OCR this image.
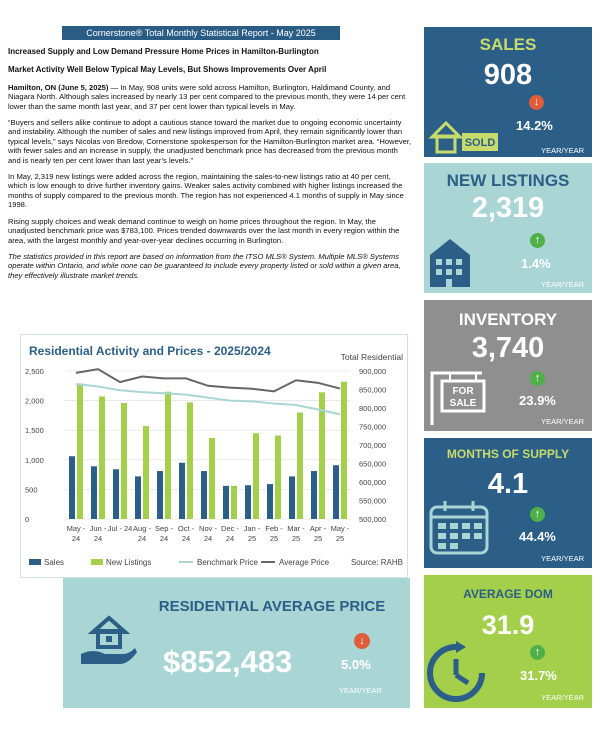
Cornerstone® Total Monthly Statistical Report - May 2025
Increased Supply and Low Demand Pressure Home Prices in Hamilton-Burlington
Market Activity Well Below Typical May Levels, But Shows Improvements Over April

Hamilton, ON (June 5, 2025) — In May, 908 units were sold across Hamilton, Burlington, Haldimand County, and Niagara North. Although sales increased by nearly 13 per cent compared to the previous month, they were 14 per cent lower than the same month last year, and 37 per cent lower than typical levels in May.

“Buyers and sellers alike continue to adopt a cautious stance toward the market due to ongoing economic uncertainty and instability. Although the number of sales and new listings improved from April, they remain significantly lower than typical levels,” says Nicolas von Bredow, Cornerstone spokesperson for the Hamilton-Burlington market area. “However, with fewer sales and an increase in supply, the unadjusted benchmark price has decreased from the previous month and is nearly ten per cent lower than last year’s levels.”

In May, 2,319 new listings were added across the region, maintaining the sales-to-new listings ratio at 40 per cent, which is low enough to drive further inventory gains. Weaker sales activity combined with higher listings increased the months of supply compared to the previous month. The region has not experienced 4.1 months of supply in May since 1998.

Rising supply choices and weak demand continue to weigh on home prices throughout the region. In May, the unadjusted benchmark price was $783,100. Prices trended downwards over the last month in every region within the area, with the largest monthly and year-over-year declines occurring in Burlington.

The statistics provided in this report are based on information from the ITSO MLS® System. Multiple MLS® Systems operate within Ontario, and while none can be guaranteed to include every property listed or sold within a given area, they effectively illustrate market trends.

Residential Activity and Prices - 2025/2024	Total Residential
0
500
1,000
1,500
2,000
2,500
500,000
550,000
600,000
650,000
700,000
750,000
800,000
850,000
900,000
May -
24
Jun -
24
Jul - 24 Aug -
24
Sep -
24
Oct -
24
Nov -
24
Dec -
24
Jan -
25
Feb -
25
Mar -
25
Apr -
25
May -
25
Sales	New Listings	Benchmark Price	Average Price	Source: RAHB
SALES
908
↓
14.2%
YEAR/YEAR
SOLD
NEW LISTINGS
2,319
↑
1.4%
YEAR/YEAR
INVENTORY
3,740
↑
23.9%
YEAR/YEAR
FOR
SALE
MONTHS OF SUPPLY
4.1
↑
44.4%
YEAR/YEAR
AVERAGE DOM
31.9
↑
31.7%
YEAR/YEAR
RESIDENTIAL AVERAGE PRICE
$852,483
↓
5.0%
YEAR/YEAR
